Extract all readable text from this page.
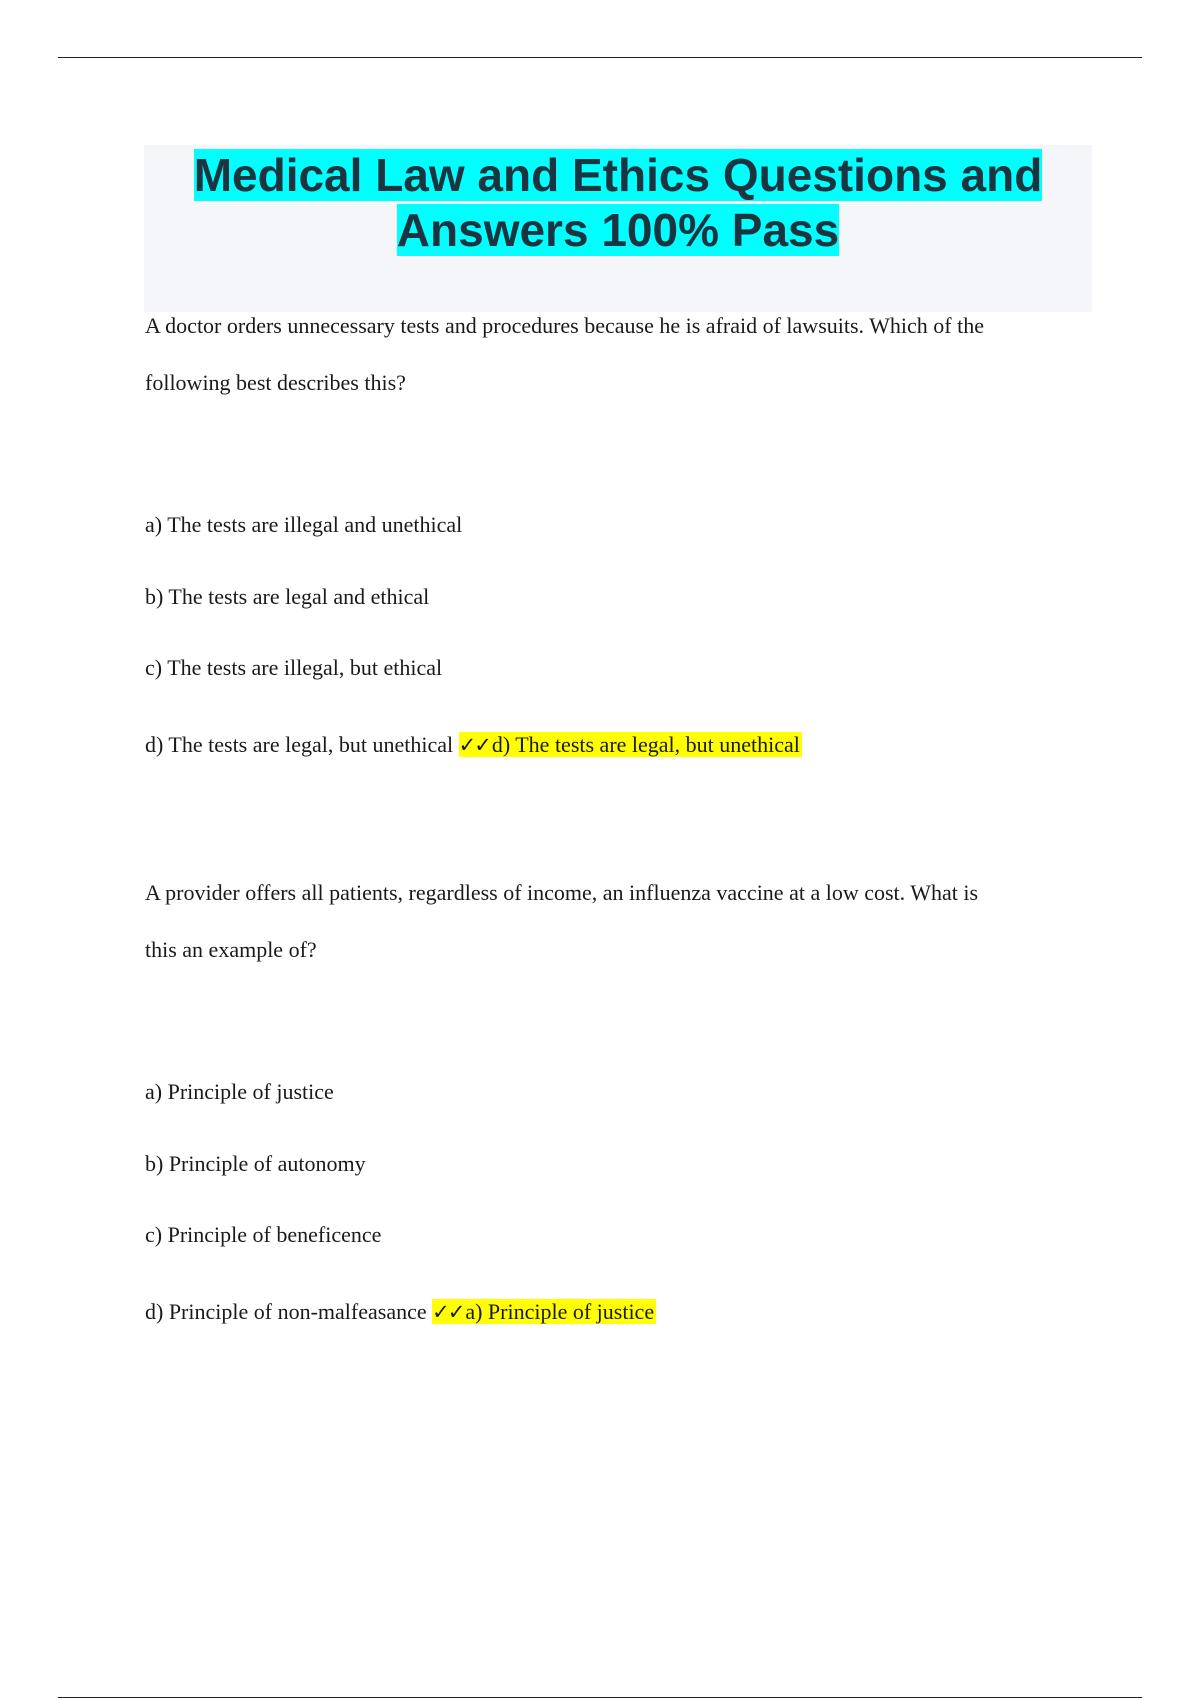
Medical Law and Ethics Questions and
Answers 100% Pass
A doctor orders unnecessary tests and procedures because he is afraid of lawsuits. Which of the
following best describes this?
a) The tests are illegal and unethical
b) The tests are legal and ethical
c) The tests are illegal, but ethical
d) The tests are legal, but unethical ✓✓d) The tests are legal, but unethical
A provider offers all patients, regardless of income, an influenza vaccine at a low cost. What is
this an example of?
a) Principle of justice
b) Principle of autonomy
c) Principle of beneficence
d) Principle of non-malfeasance ✓✓a) Principle of justice
